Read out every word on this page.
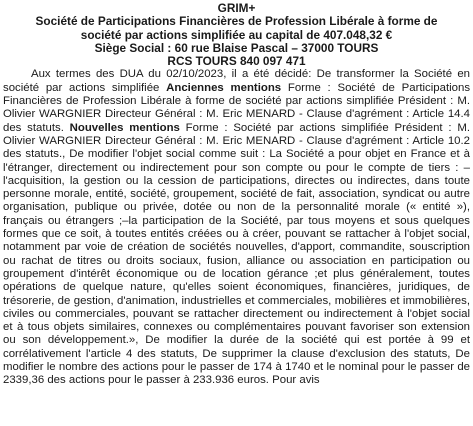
GRIM+
Société de Participations Financières de Profession Libérale à forme de
société par actions simplifiée au capital de 407.048,32 €
Siège Social : 60 rue Blaise Pascal – 37000 TOURS
RCS TOURS 840 097 471

Aux termes des DUA du 02/10/2023, il a été décidé: De transformer la Société en société par actions simplifiée Anciennes mentions Forme : Société de Participations Financières de Profession Libérale à forme de société par actions simplifiée Président : M. Olivier WARGNIER Directeur Général : M. Eric MENARD - Clause d'agrément : Article 14.4 des statuts. Nouvelles mentions Forme : Société par actions simplifiée Président : M. Olivier WARGNIER Directeur Général : M. Eric MENARD - Clause d'agrément : Article 10.2 des statuts., De modifier l'objet social comme suit : La Société a pour objet en France et à l'étranger, directement ou indirectement pour son compte ou pour le compte de tiers : –l'acquisition, la gestion ou la cession de participations, directes ou indirectes, dans toute personne morale, entité, société, groupement, société de fait, association, syndicat ou autre organisation, publique ou privée, dotée ou non de la personnalité morale (« entité »), français ou étrangers ;–la participation de la Société, par tous moyens et sous quelques formes que ce soit, à toutes entités créées ou à créer, pouvant se rattacher à l'objet social, notamment par voie de création de sociétés nouvelles, d'apport, commandite, souscription ou rachat de titres ou droits sociaux, fusion, alliance ou association en participation ou groupement d'intérêt économique ou de location gérance ;et plus généralement, toutes opérations de quelque nature, qu'elles soient économiques, financières, juridiques, de trésorerie, de gestion, d'animation, industrielles et commerciales, mobilières et immobilières, civiles ou commerciales, pouvant se rattacher directement ou indirectement à l'objet social et à tous objets similaires, connexes ou complémentaires pouvant favoriser son extension ou son développement.», De modifier la durée de la société qui est portée à 99 et corrélativement l'article 4 des statuts, De supprimer la clause d'exclusion des statuts, De modifier le nombre des actions pour le passer de 174 à 1740 et le nominal pour le passer de 2339,36 des actions pour le passer à 233.936 euros. Pour avis
